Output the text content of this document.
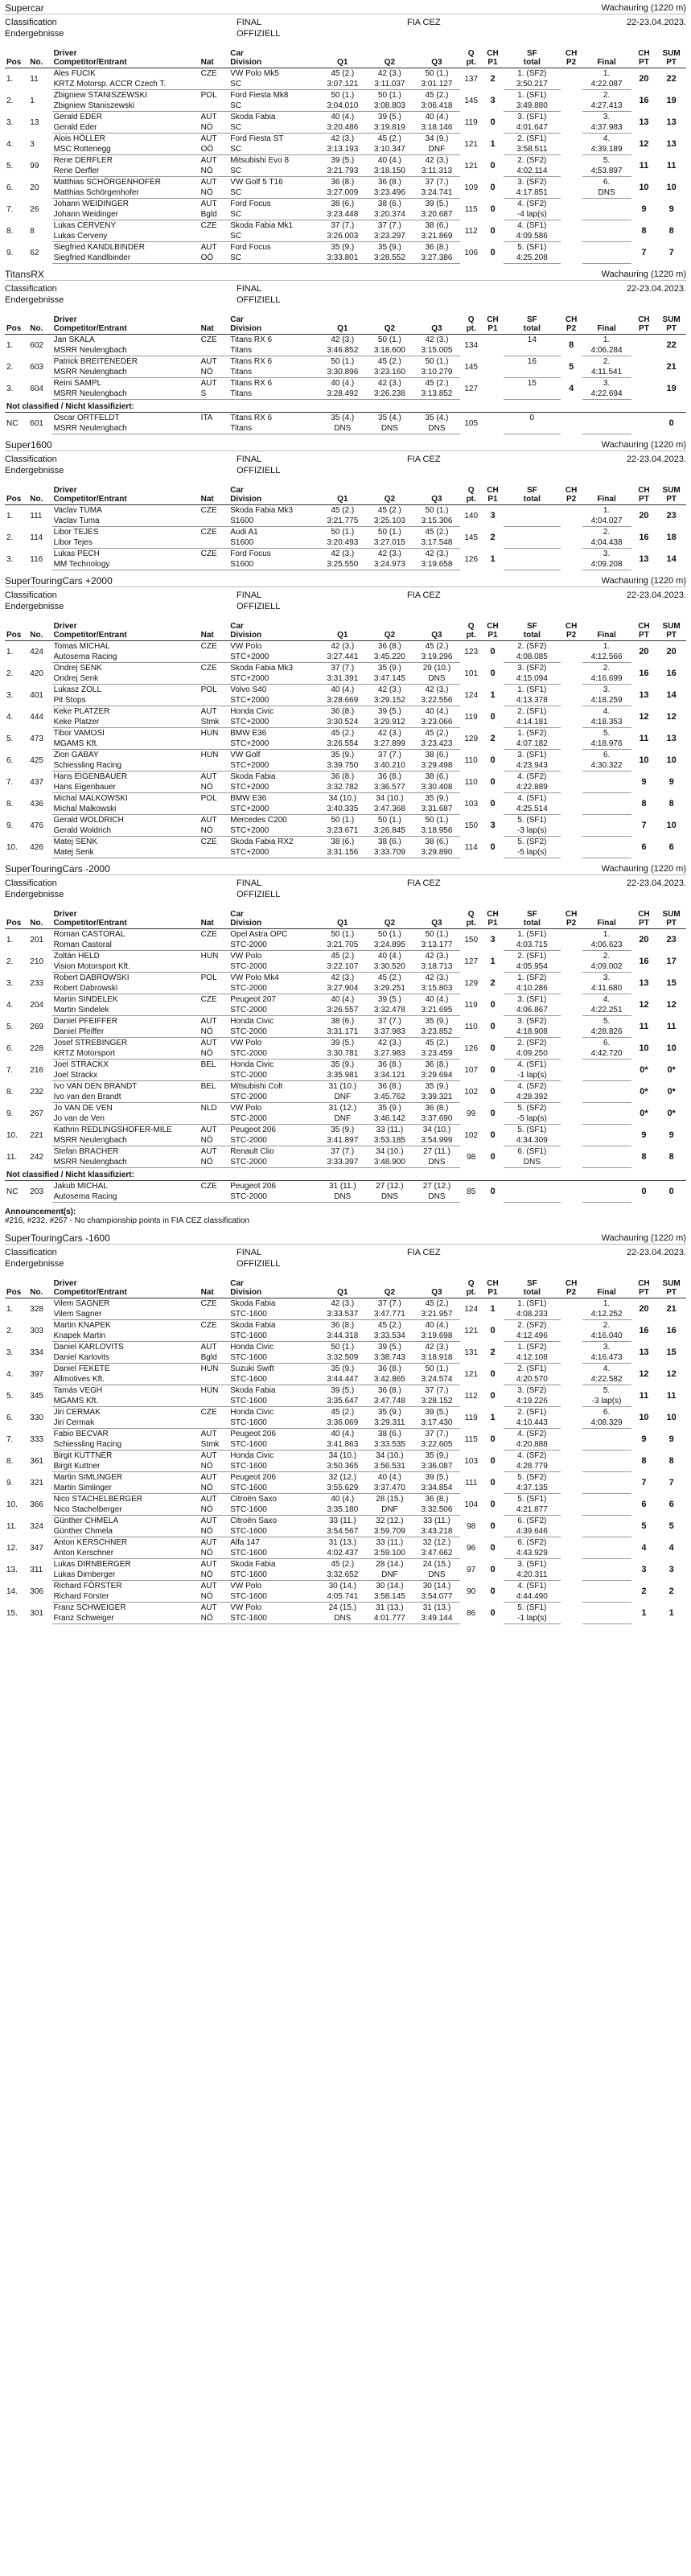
Supercar	Wachauring (1220 m)
Classification
Endergebnisse
FINAL
OFFIZIELL
FIA CEZ	22-23.04.2023.
Pos	No.	Driver
Competitor/Entrant	Nat	Car
Division	Q1	Q2	Q3	Q
pt.	CH
P1	SF
total	CH
P2	Final	CH
PT	SUM
PT
1.	11	Ales FUCIK	CZE	VW Polo Mk5	45 (2.)	42 (3.)	50 (1.)	137	2	1. (SF2)		1.	20	22
		KRTZ Motorsp. ACCR Czech T.		SC	3:07.121	3:11.037	3:01.127			3:50.217		4:22.087		
2.	1	Zbigniew STANISZEWSKI	POL	Ford Fiesta Mk8	50 (1.)	50 (1.)	45 (2.)	145	3	1. (SF1)		2.	16	19
		Zbigniew Staniszewski		SC	3:04.010	3:08.803	3:06.418			3:49.880		4:27.413		
3.	13	Gerald EDER	AUT	Skoda Fabia	40 (4.)	39 (5.)	40 (4.)	119	0	3. (SF1)		3.	13	13
		Gerald Eder	NÖ	SC	3:20.486	3:19.819	3:18.146			4:01.647		4:37.983		
4.	3	Alois HÖLLER	AUT	Ford Fiesta ST	42 (3.)	45 (2.)	34 (9.)	121	1	2. (SF1)		4.	12	13
		MSC Rottenegg	OÖ	SC	3:13.193	3:10.347	DNF			3:58.511		4:39.189		
5.	99	Rene DERFLER	AUT	Mitsubishi Evo 8	39 (5.)	40 (4.)	42 (3.)	121	0	2. (SF2)		5.	11	11
		Rene Derfler	NÖ	SC	3:21.793	3:18.150	3:11.313			4:02.114		4:53.897		
6.	20	Matthias SCHÖRGENHOFER	AUT	VW Golf 5 T16	36 (8.)	36 (8.)	37 (7.)	109	0	3. (SF2)		6.	10	10
		Matthias Schörgenhofer	NÖ	SC	3:27.009	3:23.496	3:24.741			4:17.851		DNS		
7.	26	Johann WEIDINGER	AUT	Ford Focus	38 (6.)	38 (6.)	39 (5.)	115	0	4. (SF2)			9	9
		Johann Weidinger	Bgld	SC	3:23.448	3:20.374	3:20.687			-4 lap(s)				
8.	8	Lukas CERVENY	CZE	Skoda Fabia Mk1	37 (7.)	37 (7.)	38 (6.)	112	0	4. (SF1)			8	8
		Lukas Cerveny		SC	3:26.003	3:23.297	3:21.869			4:09.586				
9.	62	Siegfried KANDLBINDER	AUT	Ford Focus	35 (9.)	35 (9.)	36 (8.)	106	0	5. (SF1)			7	7
		Siegfried Kandlbinder	OÖ	SC	3:33.801	3:28.552	3:27.386			4:25.208				
TitansRX	Wachauring (1220 m)
Classification
Endergebnisse
FINAL
OFFIZIELL
22-23.04.2023.
Pos	No.	Driver
Competitor/Entrant	Nat	Car
Division	Q1	Q2	Q3	Q
pt.	CH
P1	SF
total	CH
P2	Final	CH
PT	SUM
PT
1.	602	Jan SKALA	CZE	Titans RX 6	42 (3.)	50 (1.)	42 (3.)	134		14	8	1.		22
		MSRR Neulengbach		Titans	3:46.852	3:18.600	3:15.005					4:06.284		
2.	603	Patrick BREITENEDER	AUT	Titans RX 6	50 (1.)	45 (2.)	50 (1.)	145		16	5	2.		21
		MSRR Neulengbach	NÖ	Titans	3:30.896	3:23.160	3:10.279					4:11.541		
3.	604	Reini SAMPL	AUT	Titans RX 6	40 (4.)	42 (3.)	45 (2.)	127		15	4	3.		19
		MSRR Neulengbach	S	Titans	3:28.492	3:26.238	3:13.852					4:22.694		
Not classified / Nicht klassifiziert:														
NC	601	Oscar ORTFELDT	ITA	Titans RX 6	35 (4.)	35 (4.)	35 (4.)	105		0				0
		MSRR Neulengbach		Titans	DNS	DNS	DNS							
Super1600	Wachauring (1220 m)
Classification
Endergebnisse
FINAL
OFFIZIELL
FIA CEZ	22-23.04.2023.
Pos	No.	Driver
Competitor/Entrant	Nat	Car
Division	Q1	Q2	Q3	Q
pt.	CH
P1	SF
total	CH
P2	Final	CH
PT	SUM
PT
1.	111	Vaclav TUMA	CZE	Skoda Fabia Mk3	45 (2.)	45 (2.)	50 (1.)	140	3			1.	20	23
		Vaclav Tuma		S1600	3:21.775	3:25.103	3:15.306					4:04.027		
2.	114	Libor TEJES	CZE	Audi A1	50 (1.)	50 (1.)	45 (2.)	145	2			2.	16	18
		Libor Tejes		S1600	3:20.493	3:27.015	3:17.548					4:04.438		
3.	116	Lukas PECH	CZE	Ford Focus	42 (3.)	42 (3.)	42 (3.)	126	1			3.	13	14
		MM Technology		S1600	3:25.550	3:24.973	3:19.658					4:09.208		
SuperTouringCars +2000	Wachauring (1220 m)
Classification
Endergebnisse
FINAL
OFFIZIELL
FIA CEZ	22-23.04.2023.
Pos	No.	Driver
Competitor/Entrant	Nat	Car
Division	Q1	Q2	Q3	Q
pt.	CH
P1	SF
total	CH
P2	Final	CH
PT	SUM
PT
1.	424	Tomas MICHAL	CZE	VW Polo	42 (3.)	36 (8.)	45 (2.)	123	0	2. (SF2)		1.	20	20
		Autosema Racing		STC+2000	3:27.441	3:45.220	3:19.296			4:08.085		4:12.566		
2.	420	Ondrej SENK	CZE	Skoda Fabia Mk3	37 (7.)	35 (9.)	29 (10.)	101	0	3. (SF2)		2.	16	16
		Ondrej Senk		STC+2000	3:31.391	3:47.145	DNS			4:15.094		4:16.699		
3.	401	Lukasz ZOLL	POL	Volvo S40	40 (4.)	42 (3.)	42 (3.)	124	1	1. (SF1)		3.	13	14
		Pit Stops		STC+2000	3:28.669	3:29.152	3:22.556			4:13.378		4:18.259		
4.	444	Keke PLATZER	AUT	Honda Civic	36 (8.)	39 (5.)	40 (4.)	119	0	2. (SF1)		4.	12	12
		Keke Platzer	Stmk	STC+2000	3:30.524	3:29.912	3:23.066			4:14.181		4:18.353		
5.	473	Tibor VAMOSI	HUN	BMW E36	45 (2.)	42 (3.)	45 (2.)	129	2	1. (SF2)		5.	11	13
		MGAMS Kft.		STC+2000	3:26.554	3:27.899	3:23.423			4:07.182		4:18.976		
6.	425	Zion GABAY	HUN	VW Golf	35 (9.)	37 (7.)	38 (6.)	110	0	3. (SF1)		6.	10	10
		Schiessling Racing		STC+2000	3:39.750	3:40.210	3:29.498			4:23.943		4:30.322		
7.	437	Hans EIGENBAUER	AUT	Skoda Fabia	36 (8.)	36 (8.)	38 (6.)	110	0	4. (SF2)			9	9
		Hans Eigenbauer	NÖ	STC+2000	3:32.782	3:36.577	3:30.408			4:22.889				
8.	436	Michal MALKOWSKI	POL	BMW E36	34 (10.)	34 (10.)	35 (9.)	103	0	4. (SF1)			8	8
		Michal Malkowski		STC+2000	3:40.335	3:47.368	3:31.687			4:25.514				
9.	476	Gerald WOLDRICH	AUT	Mercedes C200	50 (1.)	50 (1.)	50 (1.)	150	3	5. (SF1)			7	10
		Gerald Woldrich	NÖ	STC+2000	3:23.671	3:26.845	3:18.956			-3 lap(s)				
10.	426	Matej SENK	CZE	Skoda Fabia RX2	38 (6.)	38 (6.)	38 (6.)	114	0	5. (SF2)			6	6
		Matej Senk		STC+2000	3:31.156	3:33.709	3:29.890			-5 lap(s)				
SuperTouringCars -2000	Wachauring (1220 m)
Classification
Endergebnisse
FINAL
OFFIZIELL
FIA CEZ	22-23.04.2023.
Pos	No.	Driver
Competitor/Entrant	Nat	Car
Division	Q1	Q2	Q3	Q
pt.	CH
P1	SF
total	CH
P2	Final	CH
PT	SUM
PT
1.	201	Roman CASTORAL	CZE	Opel Astra OPC	50 (1.)	50 (1.)	50 (1.)	150	3	1. (SF1)		1.	20	23
		Roman Castoral		STC-2000	3:21.705	3:24.895	3:13.177			4:03.715		4:06.623		
2.	210	Zoltán HELD	HUN	VW Polo	45 (2.)	40 (4.)	42 (3.)	127	1	2. (SF1)		2.	16	17
		Vision Motorsport Kft.		STC-2000	3:22.107	3:30.520	3:18.713			4:05.954		4:09.002		
3.	233	Robert DABROWSKI	POL	VW Polo Mk4	42 (3.)	45 (2.)	42 (3.)	129	2	1. (SF2)		3.	13	15
		Robert Dabrowski		STC-2000	3:27.904	3:29.251	3:15.803			4:10.286		4:11.680		
4.	204	Martin SINDELEK	CZE	Peugeot 207	40 (4.)	39 (5.)	40 (4.)	119	0	3. (SF1)		4.	12	12
		Martin Sindelek		STC-2000	3:26.557	3:32.478	3:21.695			4:06.867		4:22.251		
5.	269	Daniel PFEIFFER	AUT	Honda Civic	38 (6.)	37 (7.)	35 (9.)	110	0	3. (SF2)		5.	11	11
		Daniel Pfeiffer	NÖ	STC-2000	3:31.171	3:37.983	3:23.852			4:18.908		4:28.826		
6.	228	Josef STREBINGER	AUT	VW Polo	39 (5.)	42 (3.)	45 (2.)	126	0	2. (SF2)		6.	10	10
		KRTZ Motorsport	NÖ	STC-2000	3:30.781	3:27.983	3:23.459			4:09.250		4:42.720		
7.	216	Joel STRACKX	BEL	Honda Civic	35 (9.)	36 (8.)	36 (8.)	107	0	4. (SF1)			0*	0*
		Joel Strackx		STC-2000	3:35.981	3:34.121	3:29.694			-1 lap(s)				
8.	232	Ivo VAN DEN BRANDT	BEL	Mitsubishi Colt	31 (10.)	36 (8.)	35 (9.)	102	0	4. (SF2)			0*	0*
		Ivo van den Brandt		STC-2000	DNF	3:45.762	3:39.321			4:28.392				
9.	267	Jo VAN DE VEN	NLD	VW Polo	31 (12.)	35 (9.)	36 (8.)	99	0	5. (SF2)			0*	0*
		Jo van de Ven		STC-2000	DNF	3:46.142	3:37.690			-5 lap(s)				
10.	221	Kathrin REDLINGSHOFER-MILE	AUT	Peugeot 206	35 (9.)	33 (11.)	34 (10.)	102	0	5. (SF1)			9	9
		MSRR Neulengbach	NÖ	STC-2000	3:41.897	3:53.185	3:54.999			4:34.309				
11.	242	Stefan BRACHER	AUT	Renault Clio	37 (7.)	34 (10.)	27 (11.)	98	0	6. (SF1)			8	8
		MSRR Neulengbach	NÖ	STC-2000	3:33.397	3:48.900	DNS			DNS				
Not classified / Nicht klassifiziert:														
NC	203	Jakub MICHAL	CZE	Peugeot 206	31 (11.)	27 (12.)	27 (12.)	85	0				0	0
		Autosema Racing		STC-2000	DNS	DNS	DNS							
Announcement(s):
#216, #232, #267 - No championship points in FIA CEZ classification
SuperTouringCars -1600	Wachauring (1220 m)
Classification
Endergebnisse
FINAL
OFFIZIELL
FIA CEZ	22-23.04.2023.
Pos	No.	Driver
Competitor/Entrant	Nat	Car
Division	Q1	Q2	Q3	Q
pt.	CH
P1	SF
total	CH
P2	Final	CH
PT	SUM
PT
1.	328	Vilem SAGNER	CZE	Skoda Fabia	42 (3.)	37 (7.)	45 (2.)	124	1	1. (SF1)		1.	20	21
		Vilem Sagner		STC-1600	3:33.537	3:47.771	3:21.957			4:08.233		4:12.252		
2.	303	Martin KNAPEK	CZE	Skoda Fabia	36 (8.)	45 (2.)	40 (4.)	121	0	2. (SF2)		2.	16	16
		Knapek Martin		STC-1600	3:44.318	3:33.534	3:19.698			4:12.496		4:16.040		
3.	334	Daniel KARLOVITS	AUT	Honda Civic	50 (1.)	39 (5.)	42 (3.)	131	2	1. (SF2)		3.	13	15
		Daniel Karlovits	Bgld	STC-1600	3:32.509	3:38.743	3:18.918			4:12.108		4:16.473		
4.	397	Daniel FEKETE	HUN	Suzuki Swift	35 (9.)	36 (8.)	50 (1.)	121	0	2. (SF1)		4.	12	12
		Allmotives Kft.		STC-1600	3:44.447	3:42.865	3:24.574			4:20.570		4:22.582		
5.	345	Tamás VEGH	HUN	Skoda Fabia	39 (5.)	36 (8.)	37 (7.)	112	0	3. (SF2)		5.	11	11
		MGAMS Kft.		STC-1600	3:35.647	3:47.748	3:28.152			4:19.226		-3 lap(s)		
6.	330	Jiri CERMAK	CZE	Honda Civic	45 (2.)	35 (9.)	39 (5.)	119	1	2. (SF1)		6.	10	10
		Jiri Cermak		STC-1600	3:36.069	3:29.311	3:17.430			4:10.443		4:08.329		
7.	333	Fabio BECVAR	AUT	Peugeot 206	40 (4.)	38 (6.)	37 (7.)	115	0	4. (SF2)			9	9
		Schiessling Racing	Stmk	STC-1600	3:41.863	3:33.535	3:22.605			4:20.888				
8.	361	Birgit KUTTNER	AUT	Honda Civic	34 (10.)	34 (10.)	35 (9.)	103	0	4. (SF2)			8	8
		Birgit Kuttner	NÖ	STC-1600	3:50.365	3:56.531	3:36.087			4:28.779				
9.	321	Martin SIMLINGER	AUT	Peugeot 206	32 (12.)	40 (4.)	39 (5.)	111	0	5. (SF2)			7	7
		Martin Simlinger	NÖ	STC-1600	3:55.629	3:37.470	3:34.854			4:37.135				
10.	366	Nico STACHELBERGER	AUT	Citroën Saxo	40 (4.)	28 (15.)	36 (8.)	104	0	5. (SF1)			6	6
		Nico Stachelberger	NÖ	STC-1600	3:35.180	DNF	3:32.506			4:21.877				
11.	324	Günther CHMELA	AUT	Citroën Saxo	33 (11.)	32 (12.)	33 (11.)	98	0	6. (SF2)			5	5
		Günther Chmela	NÖ	STC-1600	3:54.567	3:59.709	3:43.218			4:39.646				
12.	347	Anton KERSCHNER	AUT	Alfa 147	31 (13.)	33 (11.)	32 (12.)	96	0	6. (SF2)			4	4
		Anton Kerschner	NÖ	STC-1600	4:02.437	3:59.100	3:47.662			4:43.929				
13.	311	Lukas DIRNBERGER	AUT	Skoda Fabia	45 (2.)	28 (14.)	24 (15.)	97	0	3. (SF1)			3	3
		Lukas Dirnberger	NÖ	STC-1600	3:32.652	DNF	DNS			4:20.311				
14.	306	Richard FÖRSTER	AUT	VW Polo	30 (14.)	30 (14.)	30 (14.)	90	0	4. (SF1)			2	2
		Richard Förster	NÖ	STC-1600	4:05.741	3:58.145	3:54.077			4:44.490				
15.	301	Franz SCHWEIGER	AUT	VW Polo	24 (15.)	31 (13.)	31 (13.)	86	0	5. (SF1)			1	1
		Franz Schweiger	NÖ	STC-1600	DNS	4:01.777	3:49.144			-1 lap(s)				
